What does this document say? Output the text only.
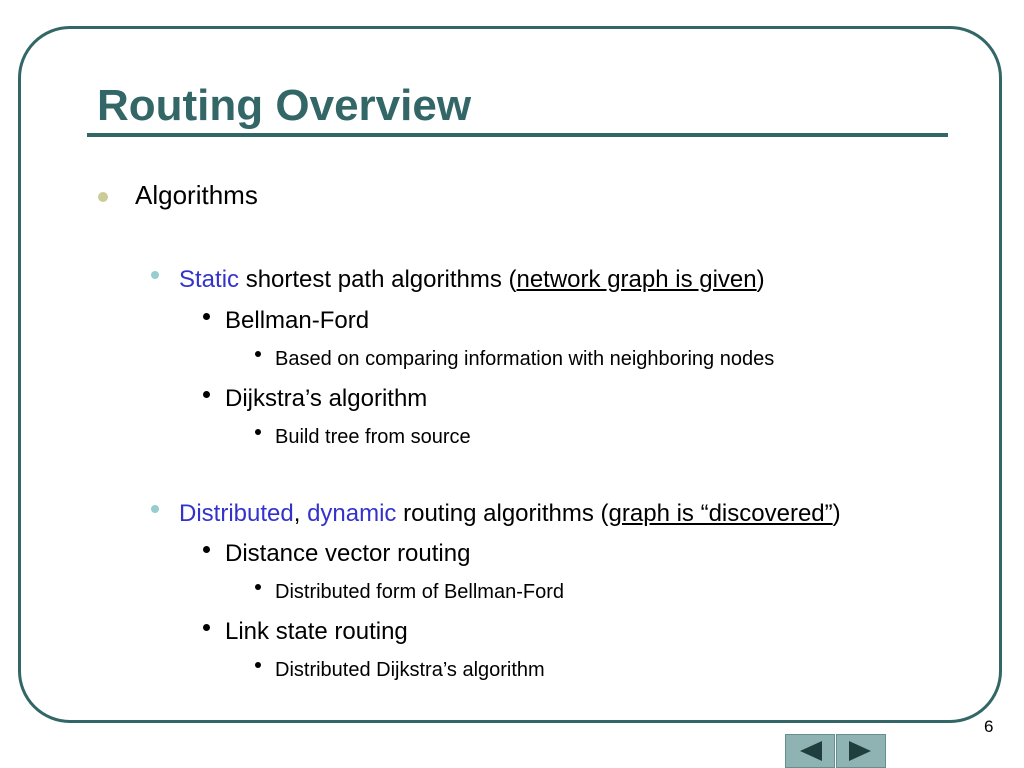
Routing Overview
Algorithms
Static shortest path algorithms (network graph is given)
Bellman-Ford
Based on comparing information with neighboring nodes
Dijkstra’s algorithm
Build tree from source
Distributed, dynamic routing algorithms (graph is “discovered”)
Distance vector routing
Distributed form of Bellman-Ford
Link state routing
Distributed Dijkstra’s algorithm
6
